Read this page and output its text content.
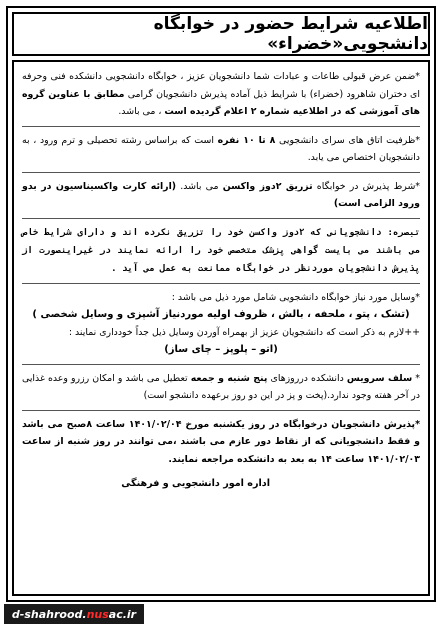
اطلاعیه شرایط حضور در خوابگاه دانشجویی«خضراء»

*ضمن عرض قبولی طاعات و عبادات شما دانشجویان عزیز ، خوابگاه دانشجویی دانشکده فنی وحرفه ای دختران شاهرود (خضراء) با شرایط ذیل آماده پذیرش دانشجویان گرامی مطابق با عناوین گروه های آموزشی که در اطلاعیه شماره ۲ اعلام گردیده است ، می باشد.

*ظرفیت اتاق های سرای دانشجویی ۸ تا ۱۰ نفره است که براساس رشته تحصیلی و ترم ورود ، به دانشجویان اختصاص می یابد.

*شرط پذیرش در خوابگاه تزریق ۲دوز واکسن می باشد. (ارائه کارت واکسیناسیون در بدو ورود الزامی است)

تبصره: دانشجویانی که ۲دوز واکسن خود را تزریق نکرده اند و دارای شرایط خاص می باشند می بایست گواهی پزشک متخصص خود را ارائه نمایند در غیراینصورت از پذیرش دانشجویان موردنظر در خوابگاه ممانعت به عمل می آید .

*وسایل مورد نیاز خوابگاه دانشجویی شامل مورد ذیل می باشد :

(تشک ، پتو ، ملحفه ، بالش ، ظروف اولیه موردنیاز آشپزی و وسایل شخصی )

++لازم به ذکر است که دانشجویان عزیز از بهمراه آوردن وسایل ذیل جداً خودداری نمایند :

(اتو – پلوپز – چای ساز)

* سلف سرویس دانشکده درروزهای پنج شنبه و جمعه تعطیل می باشد و امکان رزرو وعده غذایی در آخر هفته وجود ندارد.(پخت و پز در این دو روز برعهده دانشجو است)

*پذیرش دانشجویان درخوابگاه در روز یکشنبه مورخ ۱۴۰۱/۰۲/۰۴ ساعت ۸صبح می باشد و فقط دانشجویانی که از نقاط دور عازم می باشند ،می توانند در روز شنبه از ساعت ۱۴۰۱/۰۲/۰۳ ساعت ۱۴ به بعد به دانشکده مراجعه نمایند.

اداره امور دانشجویی و فرهنگی

d-shahrood. nus ac.ir
